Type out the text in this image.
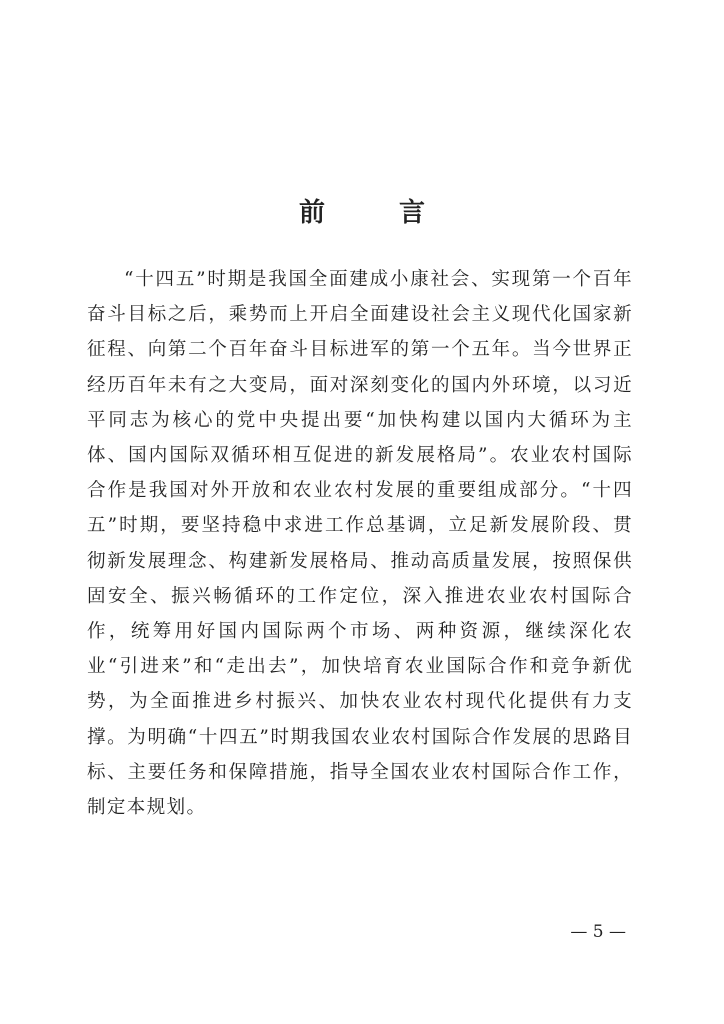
前　言

“十四五”时期是我国全面建成小康社会、实现第一个百年奋斗目标之后，乘势而上开启全面建设社会主义现代化国家新征程、向第二个百年奋斗目标进军的第一个五年。当今世界正经历百年未有之大变局，面对深刻变化的国内外环境，以习近平同志为核心的党中央提出要“加快构建以国内大循环为主体、国内国际双循环相互促进的新发展格局”。农业农村国际合作是我国对外开放和农业农村发展的重要组成部分。“十四五”时期，要坚持稳中求进工作总基调，立足新发展阶段、贯彻新发展理念、构建新发展格局、推动高质量发展，按照保供固安全、振兴畅循环的工作定位，深入推进农业农村国际合作，统筹用好国内国际两个市场、两种资源，继续深化农业“引进来”和“走出去”，加快培育农业国际合作和竞争新优势，为全面推进乡村振兴、加快农业农村现代化提供有力支撑。为明确“十四五”时期我国农业农村国际合作发展的思路目标、主要任务和保障措施，指导全国农业农村国际合作工作，制定本规划。

— 5 —
